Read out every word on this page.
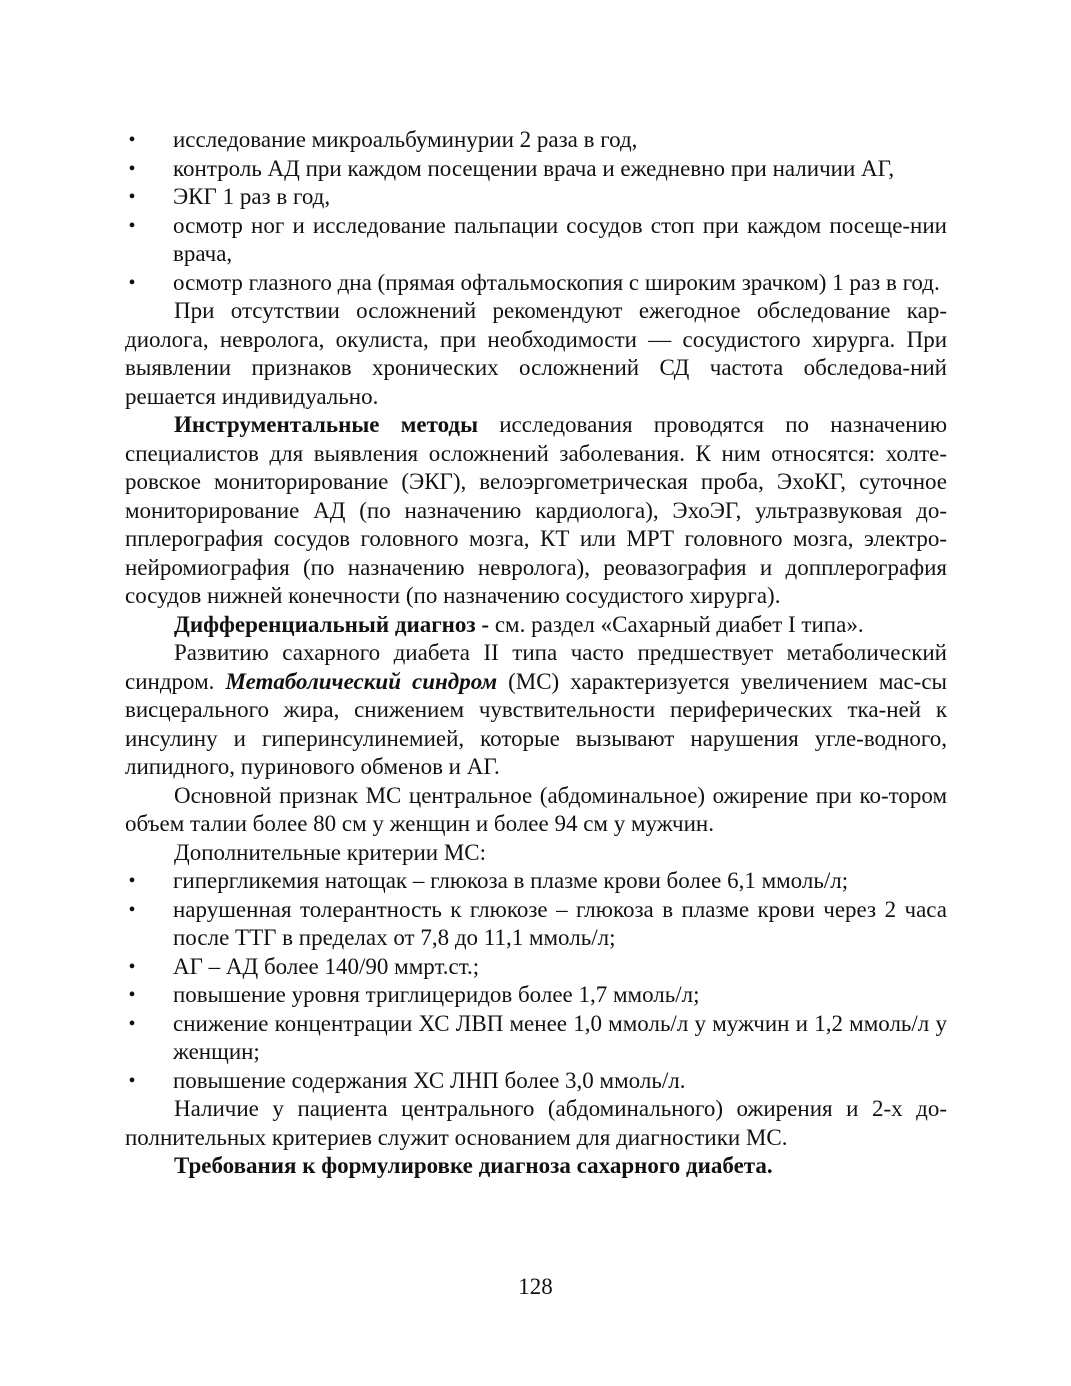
• исследование микроальбуминурии 2 раза в год,
• контроль АД при каждом посещении врача и ежедневно при наличии АГ,
• ЭКГ 1 раз в год,
• осмотр ног и исследование пальпации сосудов стоп при каждом посеще-нии врача,
• осмотр глазного дна (прямая офтальмоскопия с широким зрачком) 1 раз в год.

При отсутствии осложнений рекомендуют ежегодное обследование кар-диолога, невролога, окулиста, при необходимости — сосудистого хирурга. При выявлении признаков хронических осложнений СД частота обследова-ний решается индивидуально.

Инструментальные методы исследования проводятся по назначению специалистов для выявления осложнений заболевания. К ним относятся: холте-ровское мониторирование (ЭКГ), велоэргометрическая проба, ЭхоКГ, суточное мониторирование АД (по назначению кардиолога), ЭхоЭГ, ультразвуковая до-пплерография сосудов головного мозга, КТ или МРТ головного мозга, электро-нейромиография (по назначению невролога), реовазография и допплерография сосудов нижней конечности (по назначению сосудистого хирурга).

Дифференциальный диагноз - см. раздел «Сахарный диабет I типа».

Развитию сахарного диабета II типа часто предшествует метаболический синдром. Метаболический синдром (МС) характеризуется увеличением мас-сы висцерального жира, снижением чувствительности периферических тка-ней к инсулину и гиперинсулинемией, которые вызывают нарушения угле-водного, липидного, пуринового обменов и АГ.

Основной признак МС центральное (абдоминальное) ожирение при ко-тором объем талии более 80 см у женщин и более 94 см у мужчин.

Дополнительные критерии МС:

• гипергликемия натощак – глюкоза в плазме крови более 6,1 ммоль/л;
• нарушенная толерантность к глюкозе – глюкоза в плазме крови через 2 часа после ТТГ в пределах от 7,8 до 11,1 ммоль/л;
• АГ – АД более 140/90 ммрт.ст.;
• повышение уровня триглицеридов более 1,7 ммоль/л;
• снижение концентрации ХС ЛВП менее 1,0 ммоль/л у мужчин и 1,2 ммоль/л у женщин;
• повышение содержания ХС ЛНП более 3,0 ммоль/л.

Наличие у пациента центрального (абдоминального) ожирения и 2-х до-полнительных критериев служит основанием для диагностики МС.

Требования к формулировке диагноза сахарного диабета.

128
